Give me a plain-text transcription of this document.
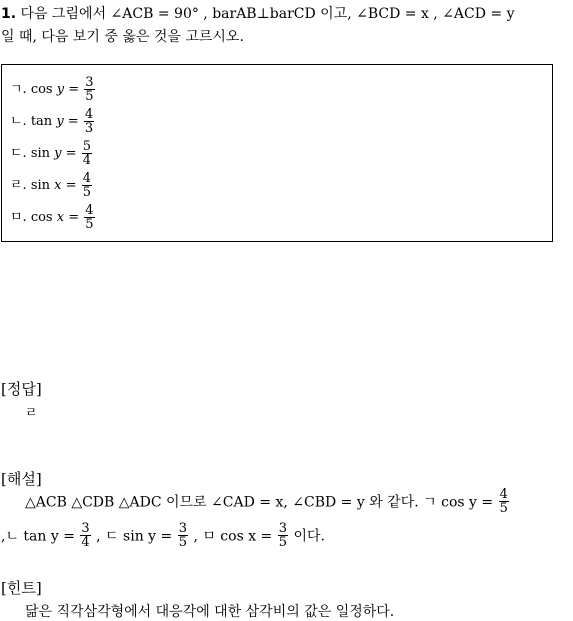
1. 다음 그림에서 ∠ACB = 90° , barAB⊥barCD 이고, ∠BCD = x , ∠ACD = y
일 때, 다음 보기 중 옳은 것을 고르시오.
ㄱ. $\cos y = \frac{3}{5}$
ㄴ. $\tan y = \frac{4}{3}$
ㄷ. $\sin y = \frac{5}{4}$
ㄹ. $\sin x = \frac{4}{5}$
ㅁ. $\cos x = \frac{4}{5}$
[정답]
ㄹ
[해설]
△ACB △CDB △ADC 이므로 ∠CAD = x, ∠CBD = y 와 같다. ㄱ $\cos y = \frac{4}{5}$
,ㄴ $\tan y = \frac{3}{4}$ , ㄷ $\sin y = \frac{3}{5}$ , ㅁ $\cos x = \frac{3}{5}$ 이다.
[힌트]
닮은 직각삼각형에서 대응각에 대한 삼각비의 값은 일정하다.
